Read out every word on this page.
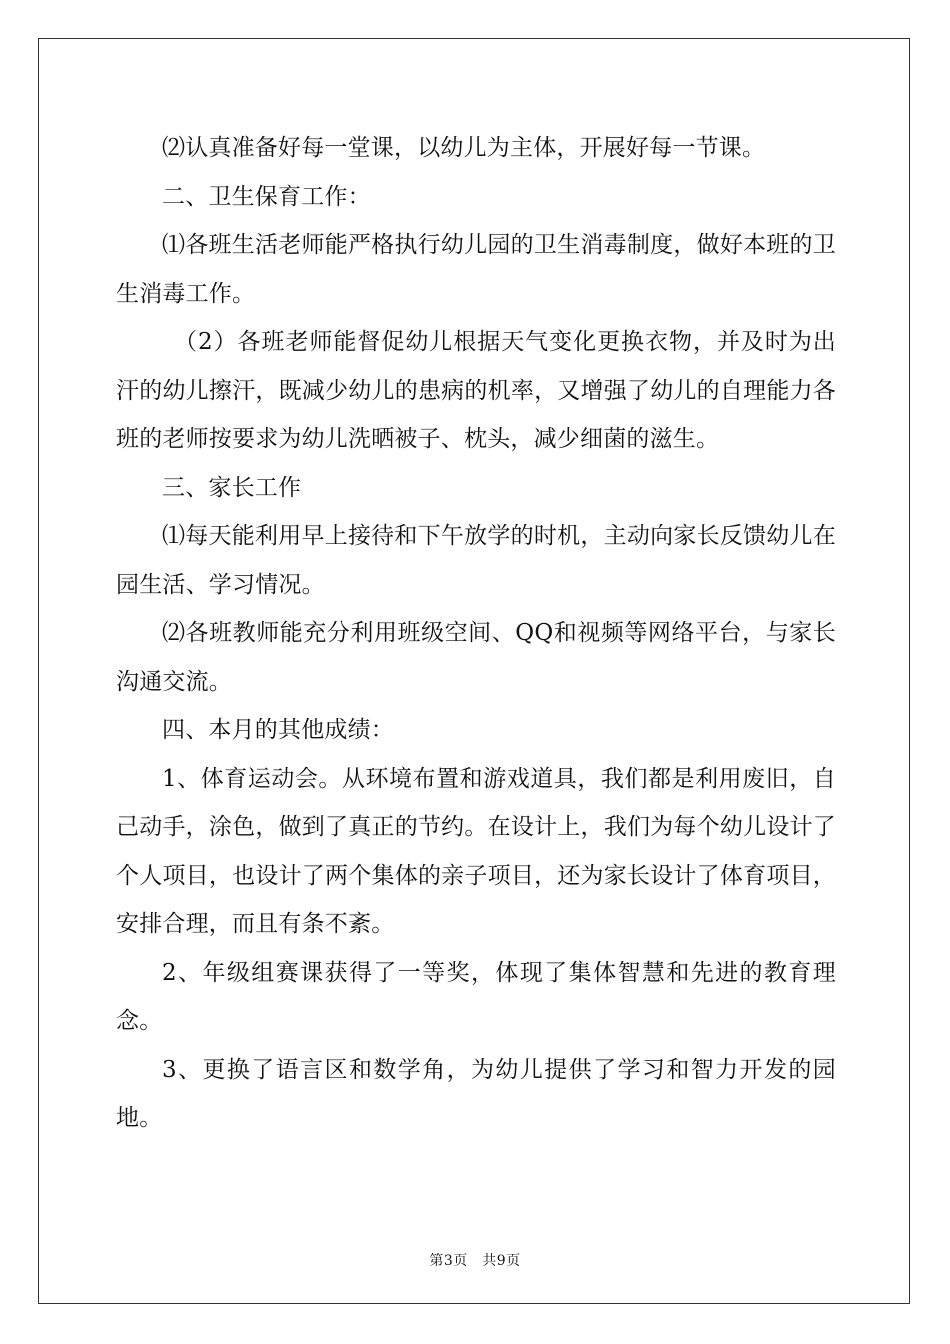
⑵认真准备好每一堂课，以幼儿为主体，开展好每一节课。

二、卫生保育工作：

⑴各班生活老师能严格执行幼儿园的卫生消毒制度，做好本班的卫生消毒工作。

（2）各班老师能督促幼儿根据天气变化更换衣物，并及时为出汗的幼儿擦汗，既减少幼儿的患病的机率，又增强了幼儿的自理能力各班的老师按要求为幼儿洗晒被子、枕头，减少细菌的滋生。

三、家长工作

⑴每天能利用早上接待和下午放学的时机，主动向家长反馈幼儿在园生活、学习情况。

⑵各班教师能充分利用班级空间、QQ和视频等网络平台，与家长沟通交流。

四、本月的其他成绩：

1、体育运动会。从环境布置和游戏道具，我们都是利用废旧，自己动手，涂色，做到了真正的节约。在设计上，我们为每个幼儿设计了个人项目，也设计了两个集体的亲子项目，还为家长设计了体育项目，安排合理，而且有条不紊。

2、年级组赛课获得了一等奖，体现了集体智慧和先进的教育理念。

3、更换了语言区和数学角，为幼儿提供了学习和智力开发的园地。

第3页　共9页
